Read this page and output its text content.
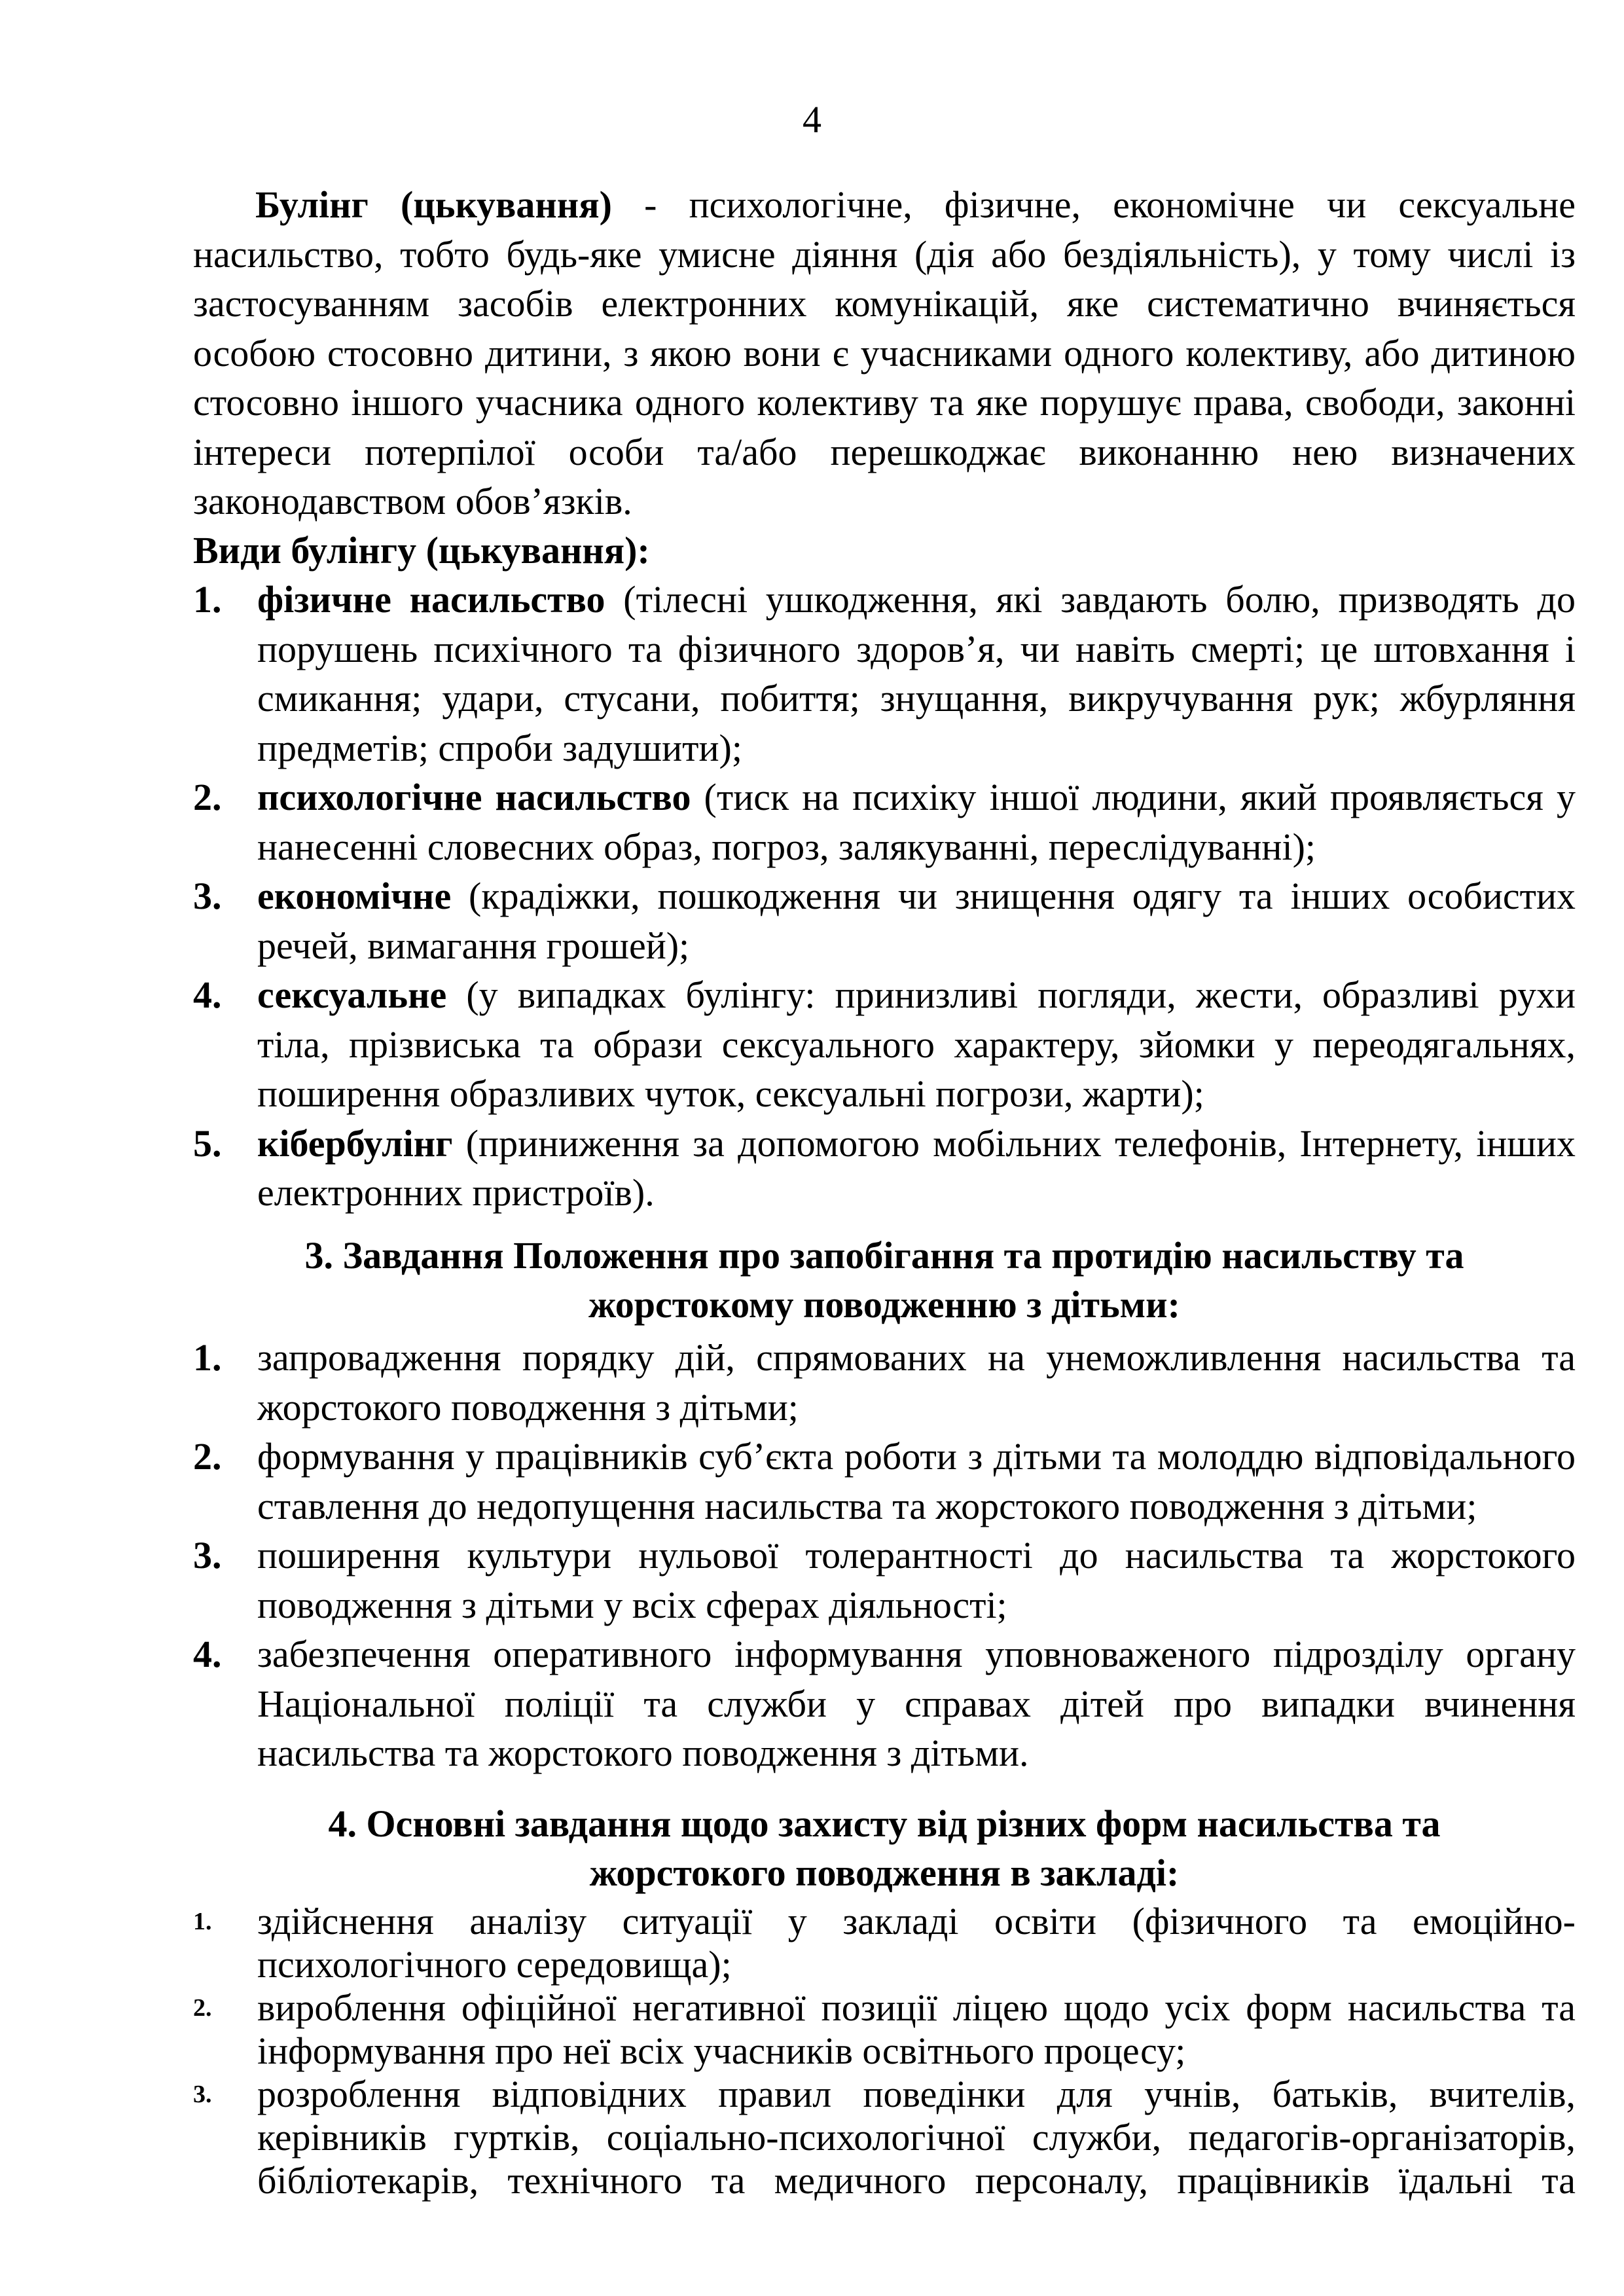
4

Булінг (цькування) - психологічне, фізичне, економічне чи сексуальне насильство, тобто будь-яке умисне діяння (дія або бездіяльність), у тому числі із застосуванням засобів електронних комунікацій, яке систематично вчиняється особою стосовно дитини, з якою вони є учасниками одного колективу, або дитиною стосовно іншого учасника одного колективу та яке порушує права, свободи, законні інтереси потерпілої особи та/або перешкоджає виконанню нею визначених законодавством обов’язків.

Види булінгу (цькування):

1. фізичне насильство (тілесні ушкодження, які завдають болю, призводять до порушень психічного та фізичного здоров’я, чи навіть смерті; це штовхання і смикання; удари, стусани, побиття; знущання, викручування рук; жбурляння предметів; спроби задушити);
2. психологічне насильство (тиск на психіку іншої людини, який проявляється у нанесенні словесних образ, погроз, залякуванні, переслідуванні);
3. економічне (крадіжки, пошкодження чи знищення одягу та інших особистих речей, вимагання грошей);
4. сексуальне (у випадках булінгу: принизливі погляди, жести, образливі рухи тіла, прізвиська та образи сексуального характеру, зйомки у переодягальнях, поширення образливих чуток, сексуальні погрози, жарти);
5. кібербулінг (приниження за допомогою мобільних телефонів, Інтернету, інших електронних пристроїв).

3. Завдання Положення про запобігання та протидію насильству та

жорстокому поводженню з дітьми:

1. запровадження порядку дій, спрямованих на унеможливлення насильства та жорстокого поводження з дітьми;
2. формування у працівників суб’єкта роботи з дітьми та молоддю відповідального ставлення до недопущення насильства та жорстокого поводження з дітьми;
3. поширення культури нульової толерантності до насильства та жорстокого поводження з дітьми у всіх сферах діяльності;
4. забезпечення оперативного інформування уповноваженого підрозділу органу Національної поліції та служби у справах дітей про випадки вчинення насильства та жорстокого поводження з дітьми.

4. Основні завдання щодо захисту від різних форм насильства та

жорстокого поводження в закладі:

1. здійснення аналізу ситуації у закладі освіти (фізичного та емоційно-психологічного середовища);
2. вироблення офіційної негативної позиції ліцею щодо усіх форм насильства та інформування про неї всіх учасників освітнього процесу;
3. розроблення відповідних правил поведінки для учнів, батьків, вчителів, керівників гуртків, соціально-психологічної служби, педагогів-організаторів, бібліотекарів, технічного та медичного персоналу, працівників їдальні та
